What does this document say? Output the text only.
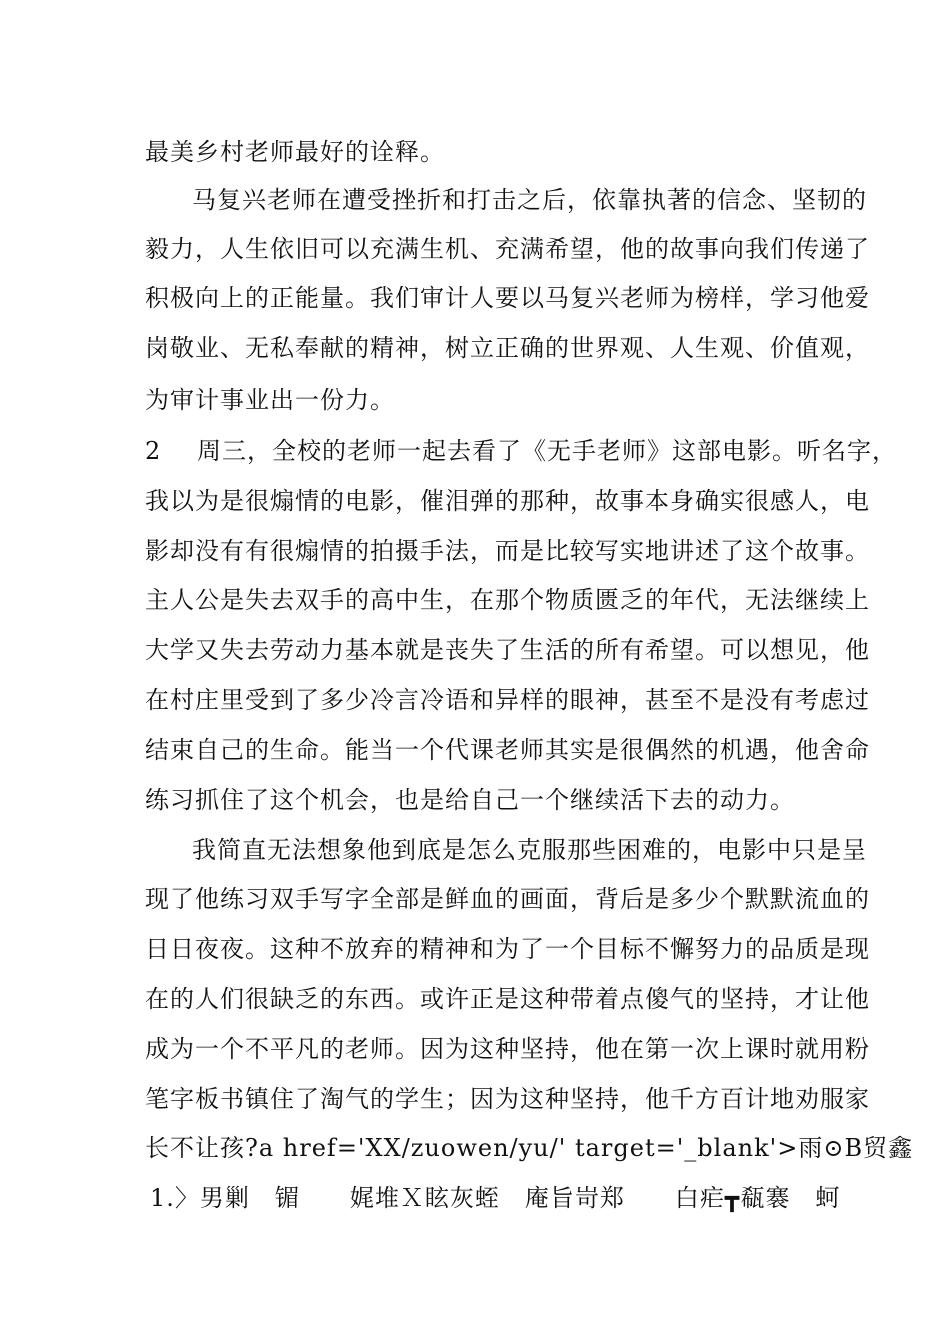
最美乡村老师最好的诠释。
马复兴老师在遭受挫折和打击之后，依靠执著的信念、坚韧的
毅力，人生依旧可以充满生机、充满希望，他的故事向我们传递了
积极向上的正能量。我们审计人要以马复兴老师为榜样，学习他爱
岗敬业、无私奉献的精神，树立正确的世界观、人生观、价值观，
为审计事业出一份力。
2 周三，全校的老师一起去看了《无手老师》这部电影。听名字，
我以为是很煽情的电影，催泪弹的那种，故事本身确实很感人，电
影却没有有很煽情的拍摄手法，而是比较写实地讲述了这个故事。
主人公是失去双手的高中生，在那个物质匮乏的年代，无法继续上
大学又失去劳动力基本就是丧失了生活的所有希望。可以想见，他
在村庄里受到了多少冷言冷语和异样的眼神，甚至不是没有考虑过
结束自己的生命。能当一个代课老师其实是很偶然的机遇，他舍命
练习抓住了这个机会，也是给自己一个继续活下去的动力。
我简直无法想象他到底是怎么克服那些困难的，电影中只是呈
现了他练习双手写字全部是鲜血的画面，背后是多少个默默流血的
日日夜夜。这种不放弃的精神和为了一个目标不懈努力的品质是现
在的人们很缺乏的东西。或许正是这种带着点傻气的坚持，才让他
成为一个不平凡的老师。因为这种坚持，他在第一次上课时就用粉
笔字板书镇住了淘气的学生；因为这种坚持，他千方百计地劝服家
长不让孩?a href='XX/zuowen/yu/' target='_blank'>雨⊙B贸鑫
1.〉男剿　镅　　娓堆Ｘ眩灰蛭　庵旨岢郑　　白疟┳瓻褰　蚵
